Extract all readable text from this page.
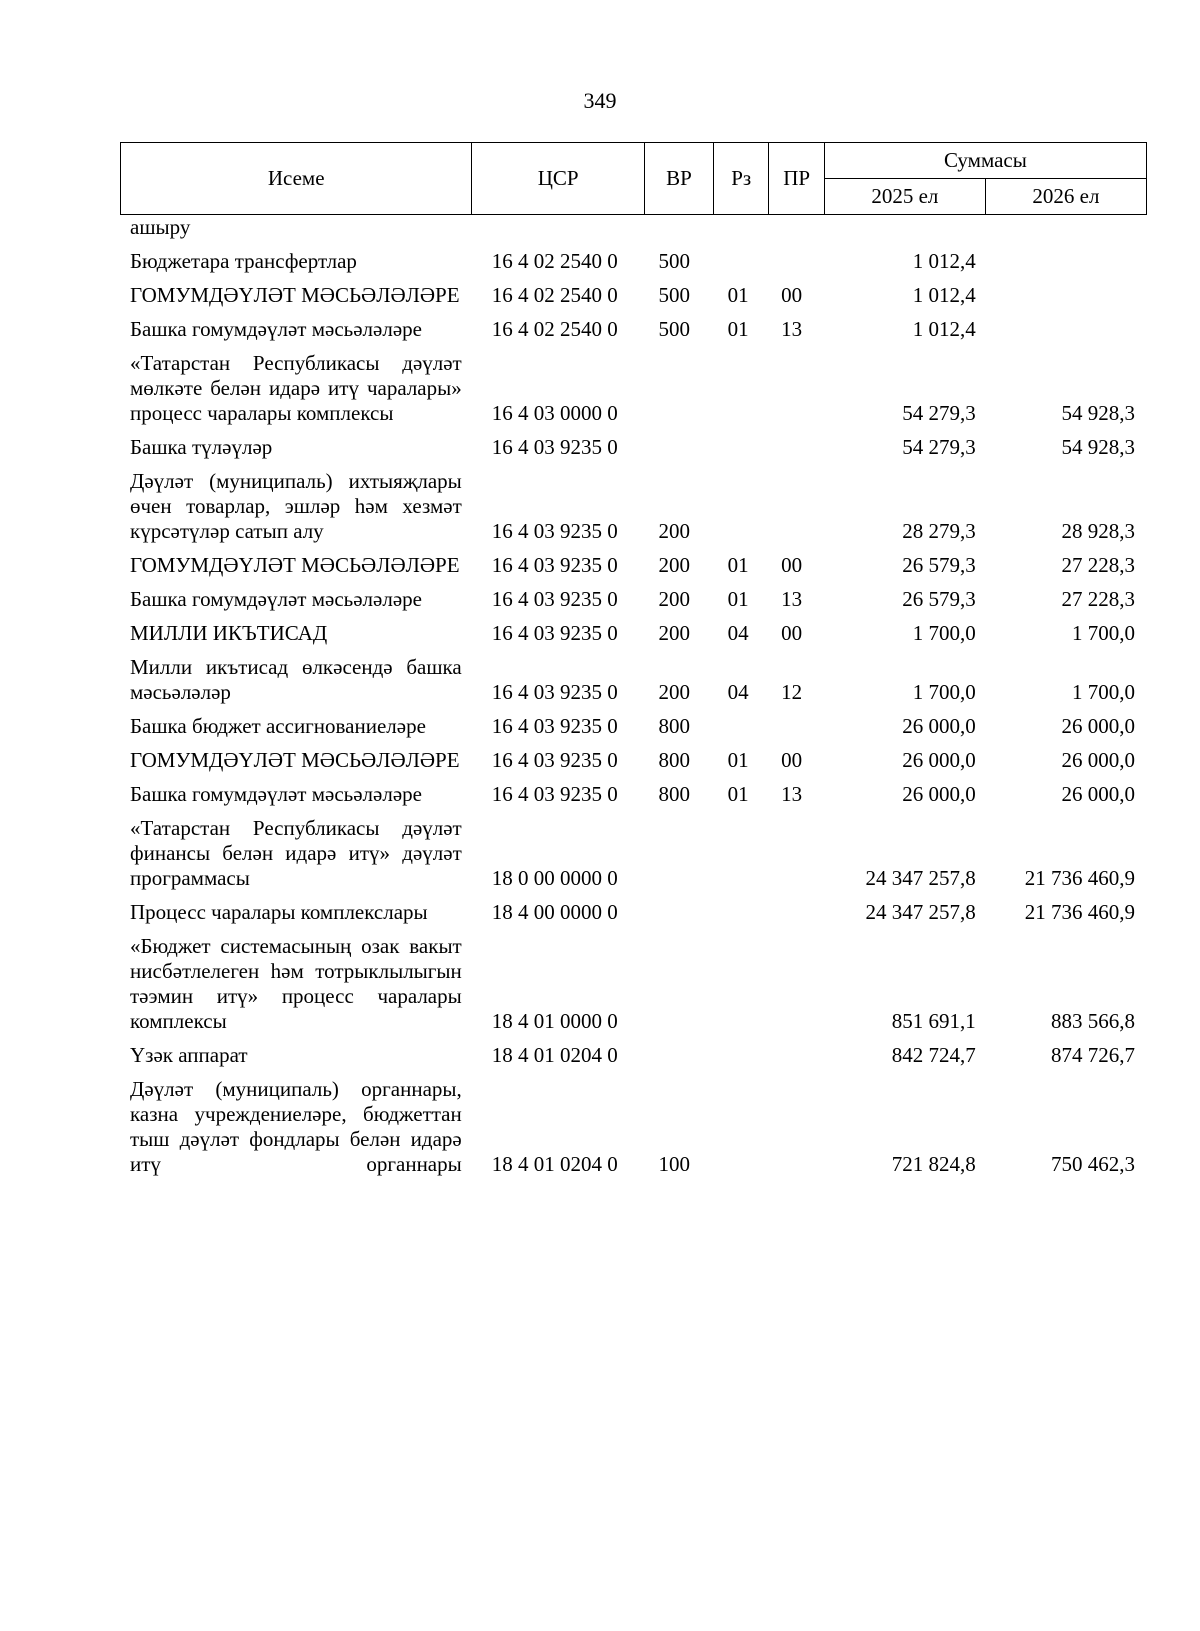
349
Исеме	ЦСР	ВР	Рз	ПР	Суммасы	
					2025 ел	2026 ел
ашыру						
Бюджетара трансфертлар	16 4 02 2540 0	500			1 012,4	
ГОМУМДӘҮЛӘТ МӘСЬӘЛӘЛӘРЕ	16 4 02 2540 0	500	01	00	1 012,4	
Башка гомумдәүләт мәсьәләләре	16 4 02 2540 0	500	01	13	1 012,4	
«Татарстан Республикасы дәүләт мөлкәте белән идарә итү чаралары» процесс чаралары комплексы	16 4 03 0000 0				54 279,3	54 928,3
Башка түләүләр	16 4 03 9235 0				54 279,3	54 928,3
Дәүләт (муниципаль) ихтыяҗлары өчен товарлар, эшләр һәм хезмәт күрсәтүләр сатып алу	16 4 03 9235 0	200			28 279,3	28 928,3
ГОМУМДӘҮЛӘТ МӘСЬӘЛӘЛӘРЕ	16 4 03 9235 0	200	01	00	26 579,3	27 228,3
Башка гомумдәүләт мәсьәләләре	16 4 03 9235 0	200	01	13	26 579,3	27 228,3
МИЛЛИ ИКЪТИСАД	16 4 03 9235 0	200	04	00	1 700,0	1 700,0
Милли икътисад өлкәсендә башка мәсьәләләр	16 4 03 9235 0	200	04	12	1 700,0	1 700,0
Башка бюджет ассигнованиеләре	16 4 03 9235 0	800			26 000,0	26 000,0
ГОМУМДӘҮЛӘТ МӘСЬӘЛӘЛӘРЕ	16 4 03 9235 0	800	01	00	26 000,0	26 000,0
Башка гомумдәүләт мәсьәләләре	16 4 03 9235 0	800	01	13	26 000,0	26 000,0
«Татарстан Республикасы дәүләт финансы белән идарә итү» дәүләт программасы	18 0 00 0000 0				24 347 257,8	21 736 460,9
Процесс чаралары комплекслары	18 4 00 0000 0				24 347 257,8	21 736 460,9
«Бюджет системасының озак вакыт нисбәтлелеген һәм тотрыклылыгын тәэмин итү» процесс чаралары комплексы	18 4 01 0000 0				851 691,1	883 566,8
Үзәк аппарат	18 4 01 0204 0				842 724,7	874 726,7
Дәүләт (муниципаль) органнары, казна учреждениеләре, бюджеттан тыш дәүләт фондлары белән идарә итү органнары	18 4 01 0204 0	100			721 824,8	750 462,3
